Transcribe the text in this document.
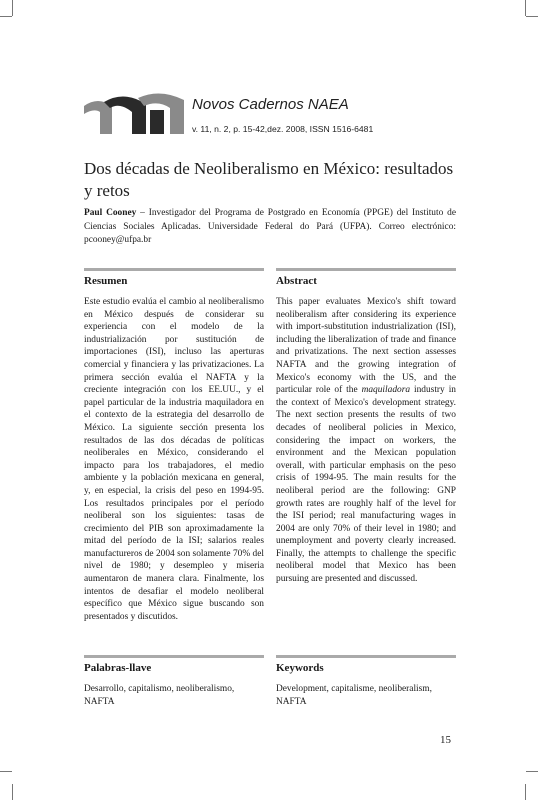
Novos Cadernos NAEA
v. 11, n. 2, p. 15-42,dez. 2008, ISSN 1516-6481
Dos décadas de Neoliberalismo en México: resultados y retos
Paul Cooney – Investigador del Programa de Postgrado en Economía (PPGE) del Instituto de Ciencias Sociales Aplicadas. Universidade Federal do Pará (UFPA). Correo electrónico: pcooney@ufpa.br
Resumen
Este estudio evalúa el cambio al neoliberalismo en México después de considerar su experiencia con el modelo de la industrialización por sustitución de importaciones (ISI), incluso las aperturas comercial y financiera y las privatizaciones. La primera sección evalúa el NAFTA y la creciente integración con los EE.UU., y el papel particular de la industria maquiladora en el contexto de la estrategia del desarrollo de México. La siguiente sección presenta los resultados de las dos décadas de políticas neoliberales en México, considerando el impacto para los trabajadores, el medio ambiente y la población mexicana en general, y, en especial, la crisis del peso en 1994-95. Los resultados principales por el período neoliberal son los siguientes: tasas de crecimiento del PIB son aproximadamente la mitad del período de la ISI; salarios reales manufactureros de 2004 son solamente 70% del nivel de 1980; y desempleo y miseria aumentaron de manera clara. Finalmente, los intentos de desafiar el modelo neoliberal específico que México sigue buscando son presentados y discutidos.
Abstract
This paper evaluates Mexico's shift toward neoliberalism after considering its experience with import-substitution industrialization (ISI), including the liberalization of trade and finance and privatizations. The next section assesses NAFTA and the growing integration of Mexico's economy with the US, and the particular role of the maquiladora industry in the context of Mexico's development strategy. The next section presents the results of two decades of neoliberal policies in Mexico, considering the impact on workers, the environment and the Mexican population overall, with particular emphasis on the peso crisis of 1994-95. The main results for the neoliberal period are the following: GNP growth rates are roughly half of the level for the ISI period; real manufacturing wages in 2004 are only 70% of their level in 1980; and unemployment and poverty clearly increased. Finally, the attempts to challenge the specific neoliberal model that Mexico has been pursuing are presented and discussed.
Palabras-llave
Desarrollo, capitalismo, neoliberalismo, NAFTA
Keywords
Development, capitalisme, neoliberalism, NAFTA
15
